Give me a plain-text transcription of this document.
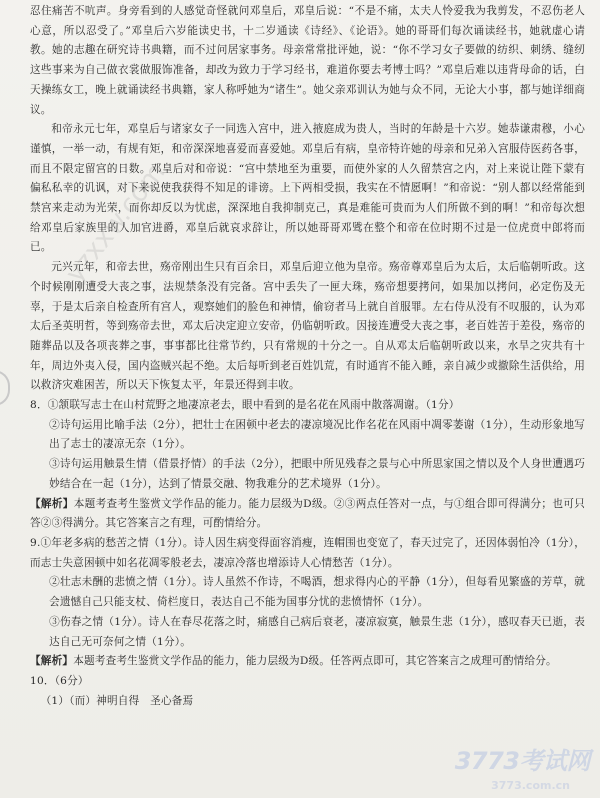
忍住痛苦不吭声。身旁看到的人感觉奇怪就问邓皇后，邓皇后说：“不是不痛，太夫人怜爱我为我剪发，不忍伤老人心意，所以忍受了。”邓皇后六岁能读史书，十二岁通读《诗经》、《论语》。她的哥哥们每次诵读经书，她就虚心请教。她的志趣在研究诗书典籍，而不过问居家事务。母亲常常批评她，说：“你不学习女子要做的纺织、刺绣、缝纫这些事来为自己做衣裳做服饰准备，却改为致力于学习经书，难道你要去考博士吗？”邓皇后难以违背母命的话，白天操练女工，晚上就诵读经书典籍，家人称呼她为“诸生”。她父亲邓训认为她与众不同，无论大小事，都与她详细商议。

和帝永元七年，邓皇后与诸家女子一同选入宫中，进入掖庭成为贵人，当时的年龄是十六岁。她恭谦肃穆，小心谨慎，一举一动，有规有矩，和帝深深地喜爱而喜爱她。邓皇后有病，皇帝特许她的母亲和兄弟入宫服侍医药各事，而且不限定留宫的日数。邓皇后对和帝说：“宫中禁地至为重要，而使外家的人久留禁宫之内，对上来说让陛下蒙有偏私私幸的讥讽，对下来说使我获得不知足的诽谤。上下两相受损，我实在不情愿啊！”和帝说：“别人都以经常能到禁宫来走动为光荣，而你却反以为忧虑，深深地自我抑制克己，真是难能可贵而为人们所做不到的啊！”和帝每次想给邓皇后家族里的人加官进爵，邓皇后就哀求辞让，所以她哥哥邓骘在整个和帝在位时期不过是一位虎贲中郎将而已。

元兴元年，和帝去世，殇帝刚出生只有百余日，邓皇后迎立他为皇帝。殇帝尊邓皇后为太后，太后临朝听政。这个时候刚刚遭受大丧之事，法规禁条没有完备。宫中丢失了一匣大珠，殇帝想要拷问，如果加以拷问，必定伤及无辜，于是太后亲自检查所有宫人，观察她们的脸色和神情，偷窃者马上就自首服罪。左右侍从没有不叹服的，认为邓太后圣英明哲，等到殇帝去世，邓太后决定迎立安帝，仍临朝听政。因接连遭受大丧之事，老百姓苦于差役，殇帝的随葬品以及各项丧葬之事，事事都比往常节约，只有常规的十分之一。自从邓太后临朝听政以来，水旱之灾共有十年，周边外夷入侵，国内盗贼兴起不绝。太后每听到老百姓饥荒，有时通宵不能入睡，亲自减少或撤除生活供给，用以救济灾难困苦，所以天下恢复太平，年景还得到丰收。

8．①颔联写志士在山村荒野之地凄凉老去，眼中看到的是名花在风雨中散落凋谢。（1分）

②诗句运用比喻手法（2分），把壮士在困顿中老去的凄凉境况比作名花在风雨中凋零萎谢（1分），生动形象地写出了志士的凄凉无奈（1分）。

③诗句运用触景生情（借景抒情）的手法（2分），把眼中所见残春之景与心中所思家国之情以及个人身世遭遇巧妙结合在一起（1分），达到了情景交融、物我难分的艺术境界（1分）。

【解析】本题考查考生鉴赏文学作品的能力。能力层级为D级。②③两点任答对一点，与①组合即可得满分；也可只答②③得满分。其它答案言之有理，可酌情给分。

9.①年老多病的愁苦之情（1分）。诗人因生病变得面容消瘦，连帽围也变宽了，春天过完了，还因体弱怕冷（1分），而志士失意困顿中如名花凋零般老去，凄凉冷落也增添诗人心情愁苦（1分）。

②壮志未酬的悲愤之情（1分）。诗人虽然不作诗，不喝酒，想求得内心的平静（1分），但每看见繁盛的芳草，就会遗憾自己只能支杖、倚栏度日，表达自己不能为国事分忧的悲愤情怀（1分）。

③伤春之情（1分）。诗人在春尽花落之时，痛感自己病后衰老，凄凉寂寞，触景生悲（1分），感叹春天已逝，表达自己无可奈何之情（1分）。

【解析】本题考查考生鉴赏文学作品的能力，能力层级为D级。任答两点即可，其它答案言之成理可酌情给分。

10．（6分）

（1）（而）神明自得　圣心备焉

yzxxw.com
3773考试网
3773.com.cn
